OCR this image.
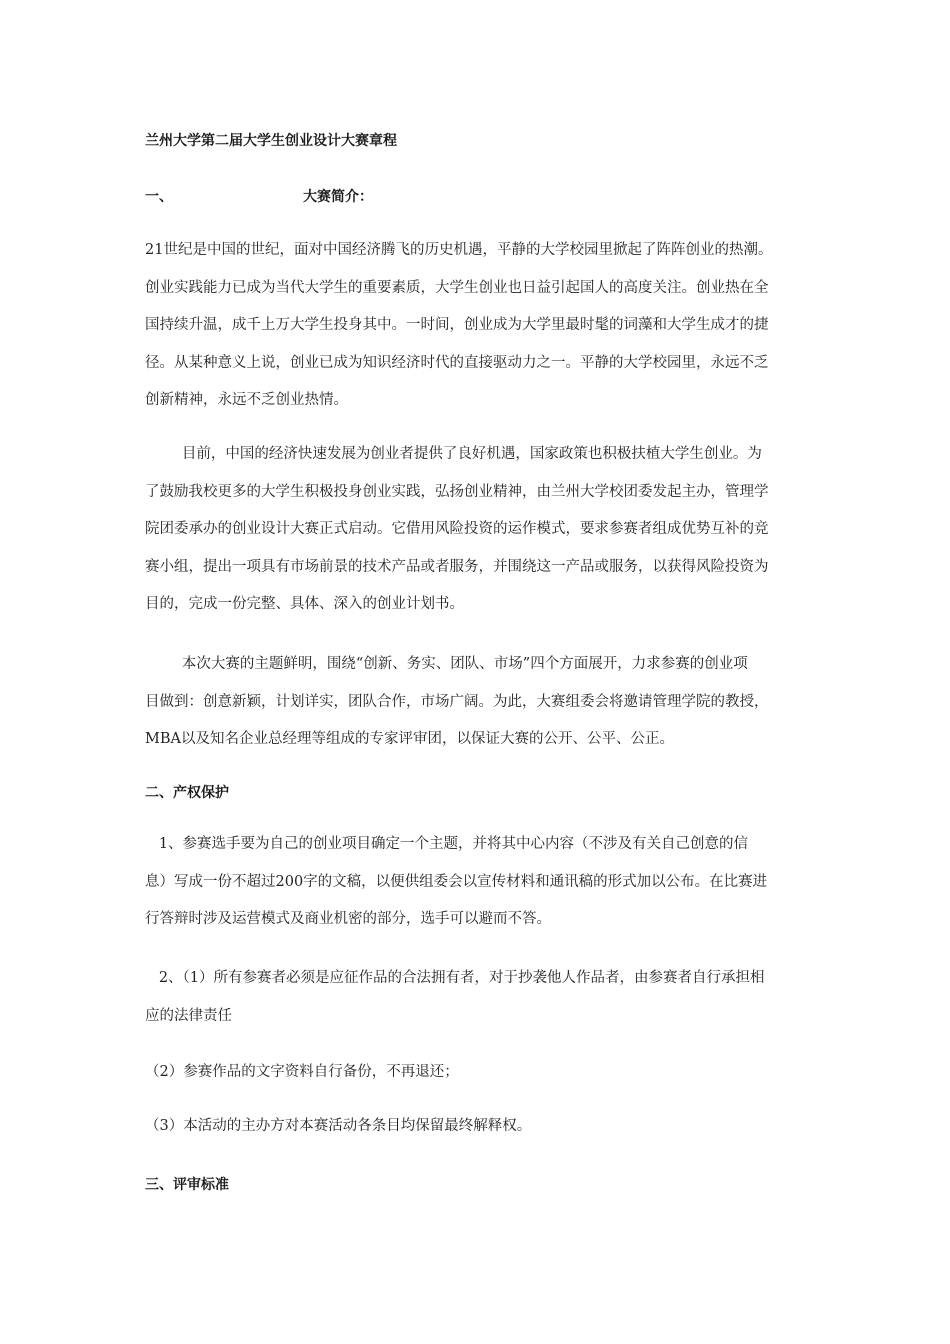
兰州大学第二届大学生创业设计大赛章程
一、	大赛简介：
21世纪是中国的世纪，面对中国经济腾飞的历史机遇，平静的大学校园里掀起了阵阵创业的热潮。
创业实践能力已成为当代大学生的重要素质，大学生创业也日益引起国人的高度关注。创业热在全
国持续升温，成千上万大学生投身其中。一时间，创业成为大学里最时髦的词藻和大学生成才的捷
径。从某种意义上说，创业已成为知识经济时代的直接驱动力之一。平静的大学校园里，永远不乏
创新精神，永远不乏创业热情。
目前，中国的经济快速发展为创业者提供了良好机遇，国家政策也积极扶植大学生创业。为
了鼓励我校更多的大学生积极投身创业实践，弘扬创业精神，由兰州大学校团委发起主办，管理学
院团委承办的创业设计大赛正式启动。它借用风险投资的运作模式，要求参赛者组成优势互补的竞
赛小组，提出一项具有市场前景的技术产品或者服务，并围绕这一产品或服务，以获得风险投资为
目的，完成一份完整、具体、深入的创业计划书。
本次大赛的主题鲜明，围绕“创新、务实、团队、市场”四个方面展开，力求参赛的创业项
目做到：创意新颖，计划详实，团队合作，市场广阔。为此，大赛组委会将邀请管理学院的教授，
MBA以及知名企业总经理等组成的专家评审团，以保证大赛的公开、公平、公正。
二、产权保护
1、参赛选手要为自己的创业项目确定一个主题，并将其中心内容（不涉及有关自己创意的信
息）写成一份不超过200字的文稿，以便供组委会以宣传材料和通讯稿的形式加以公布。在比赛进
行答辩时涉及运营模式及商业机密的部分，选手可以避而不答。
2、（1）所有参赛者必须是应征作品的合法拥有者，对于抄袭他人作品者，由参赛者自行承担相
应的法律责任
（2）参赛作品的文字资料自行备份，不再退还；
（3）本活动的主办方对本赛活动各条目均保留最终解释权。
三、评审标准
